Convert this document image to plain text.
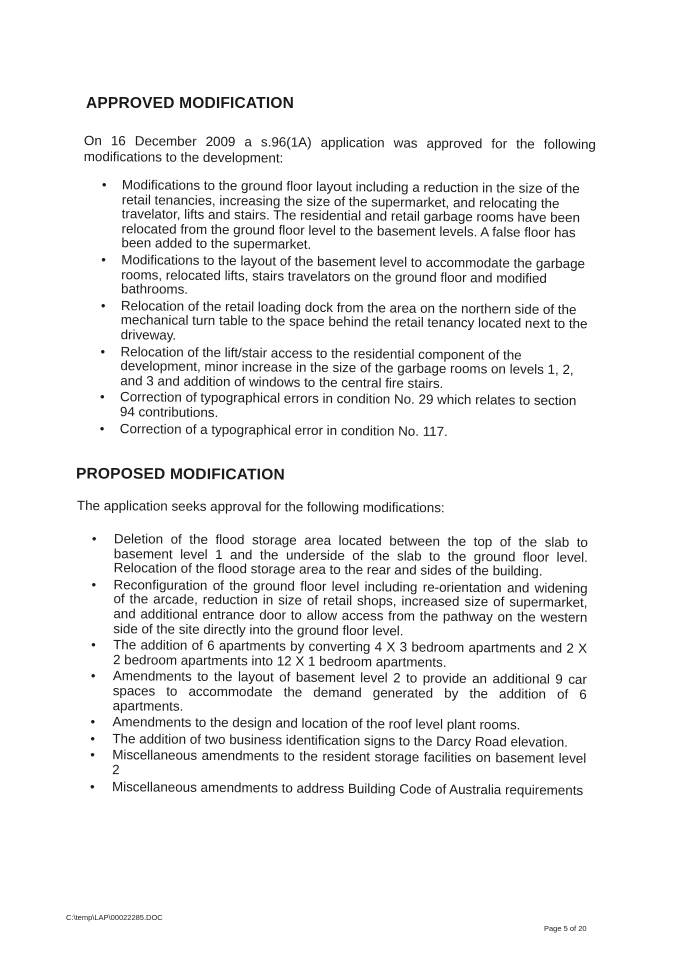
APPROVED MODIFICATION

On 16 December 2009 a s.96(1A) application was approved for the following modifications to the development:

• Modifications to the ground floor layout including a reduction in the size of the retail tenancies, increasing the size of the supermarket, and relocating the travelator, lifts and stairs. The residential and retail garbage rooms have been relocated from the ground floor level to the basement levels. A false floor has been added to the supermarket.
• Modifications to the layout of the basement level to accommodate the garbage rooms, relocated lifts, stairs travelators on the ground floor and modified bathrooms.
• Relocation of the retail loading dock from the area on the northern side of the mechanical turn table to the space behind the retail tenancy located next to the driveway.
• Relocation of the lift/stair access to the residential component of the development, minor increase in the size of the garbage rooms on levels 1, 2, and 3 and addition of windows to the central fire stairs.
• Correction of typographical errors in condition No. 29 which relates to section 94 contributions.
• Correction of a typographical error in condition No. 117.
PROPOSED MODIFICATION

The application seeks approval for the following modifications:

• Deletion of the flood storage area located between the top of the slab to basement level 1 and the underside of the slab to the ground floor level. Relocation of the flood storage area to the rear and sides of the building.
• Reconfiguration of the ground floor level including re-orientation and widening of the arcade, reduction in size of retail shops, increased size of supermarket, and additional entrance door to allow access from the pathway on the western side of the site directly into the ground floor level.
• The addition of 6 apartments by converting 4 X 3 bedroom apartments and 2 X 2 bedroom apartments into 12 X 1 bedroom apartments.
• Amendments to the layout of basement level 2 to provide an additional 9 car spaces to accommodate the demand generated by the addition of 6 apartments.
• Amendments to the design and location of the roof level plant rooms.
• The addition of two business identification signs to the Darcy Road elevation.
• Miscellaneous amendments to the resident storage facilities on basement level 2
• Miscellaneous amendments to address Building Code of Australia requirements
C:\temp\LAP\00022285.DOC
Page 5 of 20
